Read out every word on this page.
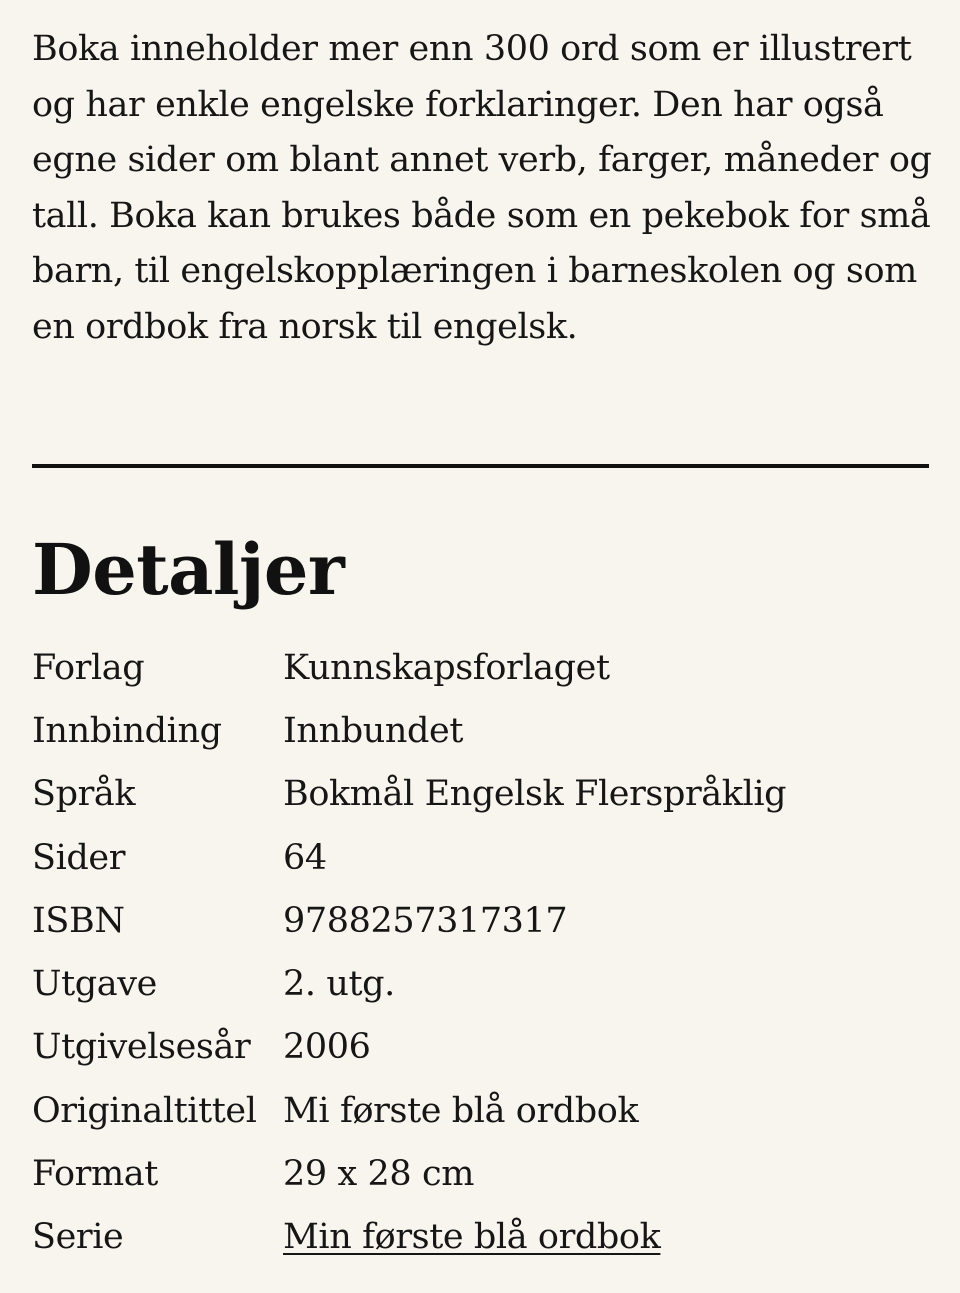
Boka inneholder mer enn 300 ord som er illustrert
og har enkle engelske forklaringer. Den har også
egne sider om blant annet verb, farger, måneder og
tall. Boka kan brukes både som en pekebok for små
barn, til engelskopplæringen i barneskolen og som
en ordbok fra norsk til engelsk.

Detaljer
Forlag	Kunnskapsforlaget
Innbinding	Innbundet
Språk	Bokmål Engelsk Flerspråklig
Sider	64
ISBN	9788257317317
Utgave	2. utg.
Utgivelsesår 2006
Originaltittel Mi første blå ordbok
Format	29 x 28 cm
Serie	Min første blå ordbok
